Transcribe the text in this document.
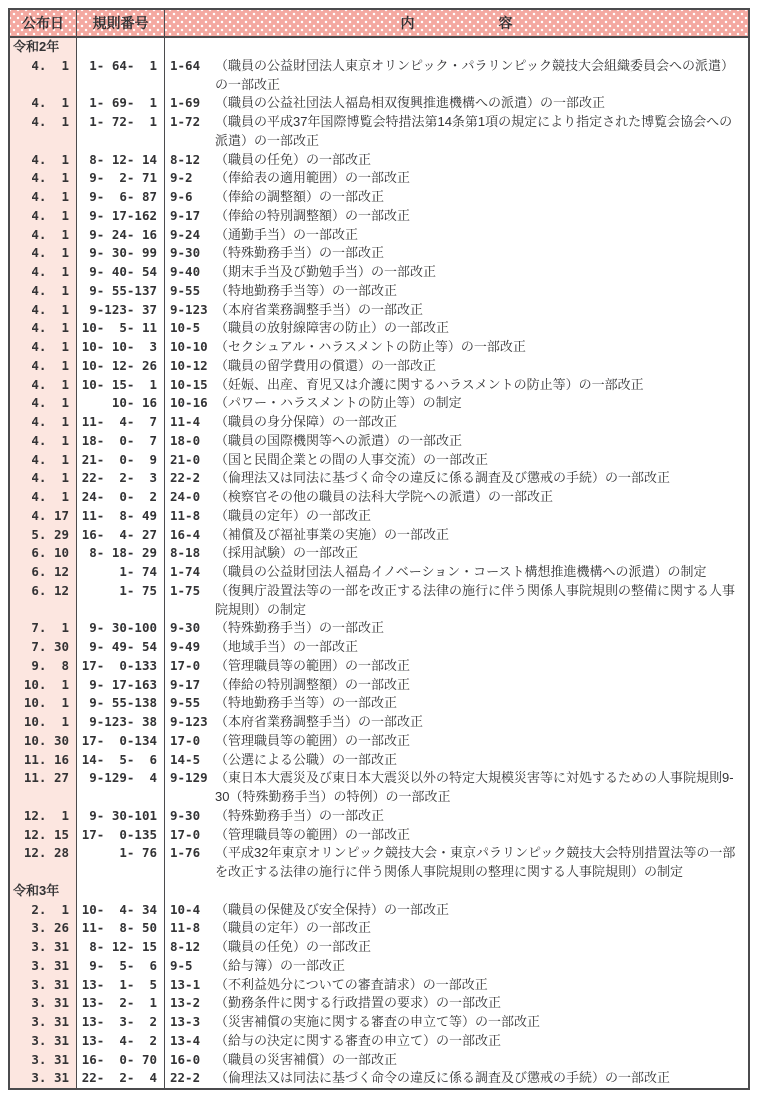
公布日	規則番号	内　　　　　　容
令和2年
4.  1	1- 64-  1	1-64	（職員の公益財団法人東京オリンピック・パラリンピック競技大会組織委員会への派遣）の一部改正
4.  1	1- 69-  1	1-69	（職員の公益社団法人福島相双復興推進機構への派遣）の一部改正
4.  1	1- 72-  1	1-72	（職員の平成37年国際博覧会特措法第14条第1項の規定により指定された博覧会協会への派遣）の一部改正
4.  1	8- 12- 14	8-12	（職員の任免）の一部改正
4.  1	9-  2- 71	9-2	（俸給表の適用範囲）の一部改正
4.  1	9-  6- 87	9-6	（俸給の調整額）の一部改正
4.  1	9- 17-162	9-17	（俸給の特別調整額）の一部改正
4.  1	9- 24- 16	9-24	（通勤手当）の一部改正
4.  1	9- 30- 99	9-30	（特殊勤務手当）の一部改正
4.  1	9- 40- 54	9-40	（期末手当及び勤勉手当）の一部改正
4.  1	9- 55-137	9-55	（特地勤務手当等）の一部改正
4.  1	9-123- 37	9-123 （本府省業務調整手当）の一部改正
4.  1	10-  5- 11	10-5	（職員の放射線障害の防止）の一部改正
4.  1	10- 10-  3	10-10 （セクシュアル・ハラスメントの防止等）の一部改正
4.  1	10- 12- 26	10-12 （職員の留学費用の償還）の一部改正
4.  1	10- 15-  1	10-15 （妊娠、出産、育児又は介護に関するハラスメントの防止等）の一部改正
4.  1	10- 16	10-16 （パワー・ハラスメントの防止等）の制定
4.  1	11-  4-  7	11-4	（職員の身分保障）の一部改正
4.  1	18-  0-  7	18-0	（職員の国際機関等への派遣）の一部改正
4.  1	21-  0-  9	21-0	（国と民間企業との間の人事交流）の一部改正
4.  1	22-  2-  3	22-2	（倫理法又は同法に基づく命令の違反に係る調査及び懲戒の手続）の一部改正
4.  1	24-  0-  2	24-0	（検察官その他の職員の法科大学院への派遣）の一部改正
4. 17	11-  8- 49	11-8	（職員の定年）の一部改正
5. 29	16-  4- 27	16-4	（補償及び福祉事業の実施）の一部改正
6. 10	8- 18- 29	8-18	（採用試験）の一部改正
6. 12	1- 74	1-74	（職員の公益財団法人福島イノベーション・コースト構想推進機構への派遣）の制定
6. 12	1- 75	1-75	（復興庁設置法等の一部を改正する法律の施行に伴う関係人事院規則の整備に関する人事院規則）の制定
7.  1	9- 30-100	9-30	（特殊勤務手当）の一部改正
7. 30	9- 49- 54	9-49	（地域手当）の一部改正
9.  8	17-  0-133	17-0	（管理職員等の範囲）の一部改正
10.  1	9- 17-163	9-17	（俸給の特別調整額）の一部改正
10.  1	9- 55-138	9-55	（特地勤務手当等）の一部改正
10.  1	9-123- 38	9-123 （本府省業務調整手当）の一部改正
10. 30	17-  0-134	17-0	（管理職員等の範囲）の一部改正
11. 16	14-  5-  6	14-5	（公選による公職）の一部改正
11. 27	9-129-  4	9-129 （東日本大震災及び東日本大震災以外の特定大規模災害等に対処するための人事院規則9-30（特殊勤務手当）の特例）の一部改正
12.  1	9- 30-101	9-30	（特殊勤務手当）の一部改正
12. 15	17-  0-135	17-0	（管理職員等の範囲）の一部改正
12. 28	1- 76	1-76	（平成32年東京オリンピック競技大会・東京パラリンピック競技大会特別措置法等の一部を改正する法律の施行に伴う関係人事院規則の整理に関する人事院規則）の制定
令和3年
2.  1	10-  4- 34	10-4	（職員の保健及び安全保持）の一部改正
3. 26	11-  8- 50	11-8	（職員の定年）の一部改正
3. 31	8- 12- 15	8-12	（職員の任免）の一部改正
3. 31	9-  5-  6	9-5	（給与簿）の一部改正
3. 31	13-  1-  5	13-1	（不利益処分についての審査請求）の一部改正
3. 31	13-  2-  1	13-2	（勤務条件に関する行政措置の要求）の一部改正
3. 31	13-  3-  2	13-3	（災害補償の実施に関する審査の申立て等）の一部改正
3. 31	13-  4-  2	13-4	（給与の決定に関する審査の申立て）の一部改正
3. 31	16-  0- 70	16-0	（職員の災害補償）の一部改正
3. 31	22-  2-  4	22-2	（倫理法又は同法に基づく命令の違反に係る調査及び懲戒の手続）の一部改正
